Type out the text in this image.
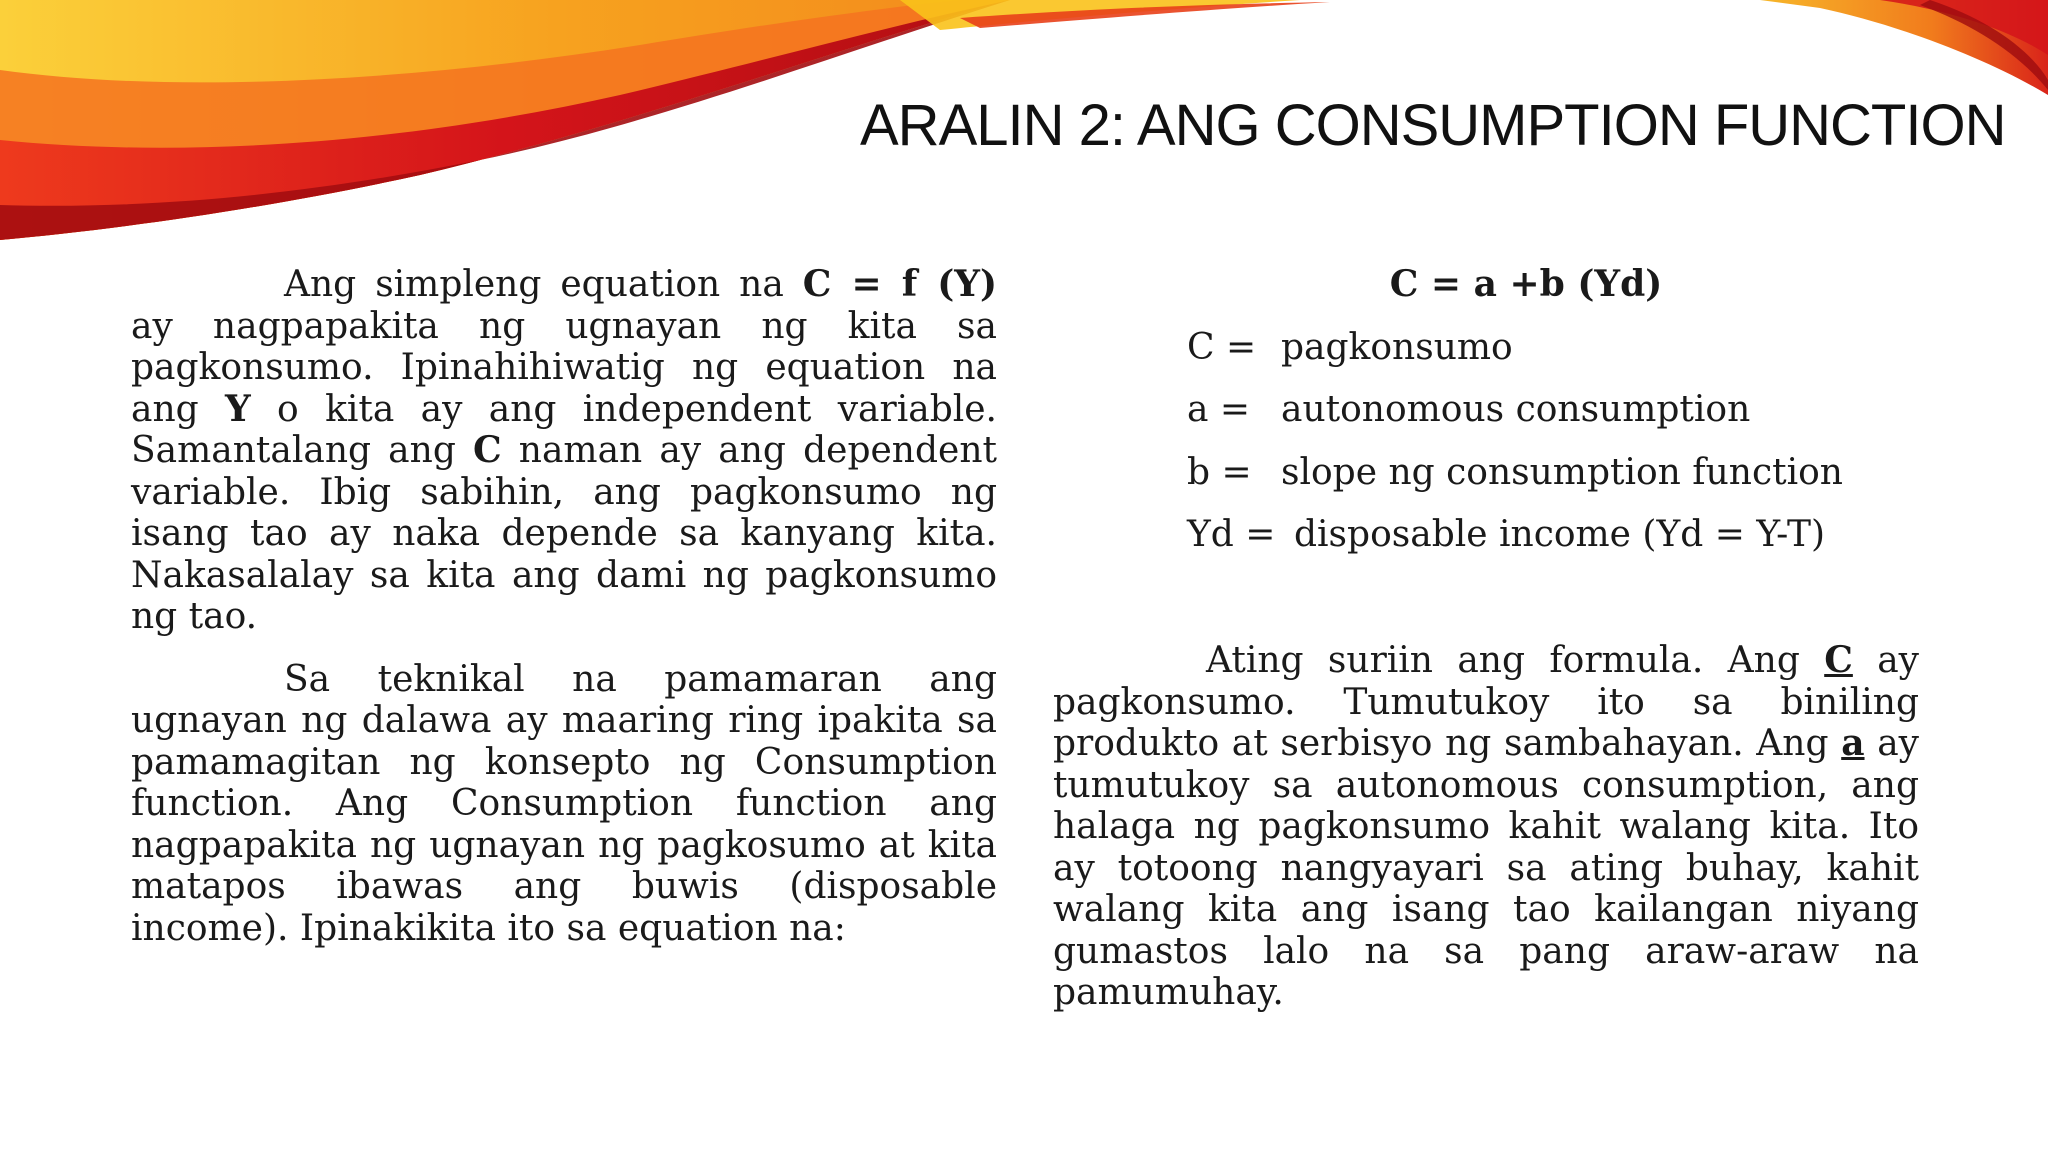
ARALIN 2: ANG CONSUMPTION FUNCTION

Ang simpleng equation na C = f (Y) ay nagpapakita ng ugnayan ng kita sa pagkonsumo. Ipinahihiwatig ng equation na ang Y o kita ay ang independent variable. Samantalang ang C naman ay ang dependent variable. Ibig sabihin, ang pagkonsumo ng isang tao ay naka depende sa kanyang kita. Nakasalalay sa kita ang dami ng pagkonsumo ng tao.

Sa teknikal na pamamaran ang ugnayan ng dalawa ay maaring ring ipakita sa pamamagitan ng konsepto ng Consumption function. Ang Consumption function ang nagpapakita ng ugnayan ng pagkosumo at kita matapos ibawas ang buwis (disposable income). Ipinakikita ito sa equation na:

C = a +b (Yd)
C = pagkonsumo
a = autonomous consumption
b = slope ng consumption function
Yd = disposable income (Yd = Y-T)

Ating suriin ang formula. Ang C ay pagkonsumo. Tumutukoy ito sa biniling produkto at serbisyo ng sambahayan. Ang a ay tumutukoy sa autonomous consumption, ang halaga ng pagkonsumo kahit walang kita. Ito ay totoong nangyayari sa ating buhay, kahit walang kita ang isang tao kailangan niyang gumastos lalo na sa pang araw-araw na pamumuhay.
